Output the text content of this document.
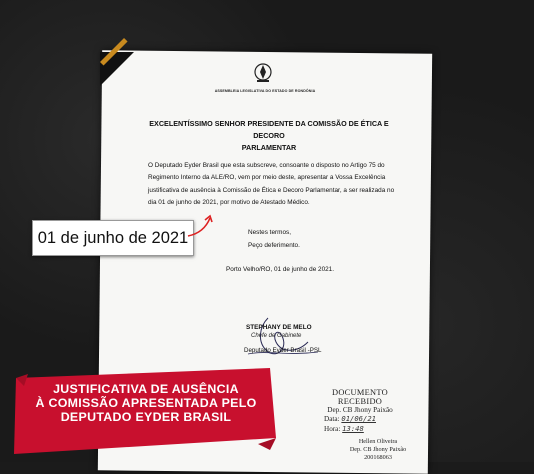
ASSEMBLEIA LEGISLATIVA DO ESTADO DE RONDÔNIA
EXCELENTÍSSIMO SENHOR PRESIDENTE DA COMISSÃO DE ÉTICA E DECORO
PARLAMENTAR
O Deputado Eyder Brasil que esta subscreve, consoante o disposto no Artigo 75 do Regimento Interno da ALE/RO, vem por meio deste, apresentar a Vossa Excelência justificativa de ausência à Comissão de Ética e Decoro Parlamentar, a ser realizada no dia 01 de junho de 2021, por motivo de Atestado Médico.
Nestes termos,
Peço deferimento.
Porto Velho/RO, 01 de junho de 2021.
STEPHANY DE MELO
Chefe de Gabinete
Deputado Eyder Brasil -PSL
DOCUMENTO RECEBIDO
Dep. CB Jhony Paixão
Data: 01/06/21
Hora: 13:48
Hellen Oliveira
Dep. CB Jhony Paixão
200168063
01 de junho de 2021
JUSTIFICATIVA DE AUSÊNCIA
À COMISSÃO APRESENTADA PELO
DEPUTADO EYDER BRASIL
